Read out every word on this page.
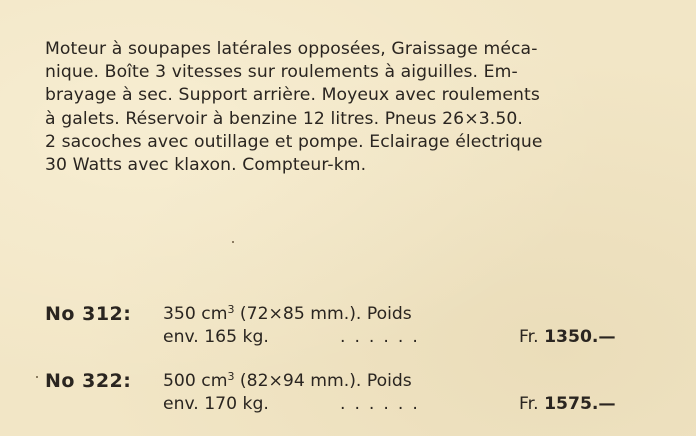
Moteur à soupapes latérales opposées, Graissage méca-
nique. Boîte 3 vitesses sur roulements à aiguilles. Em-
brayage à sec. Support arrière. Moyeux avec roulements
à galets. Réservoir à benzine 12 litres. Pneus 26×3.50.
2 sacoches avec outillage et pompe. Eclairage électrique
30 Watts avec klaxon. Compteur-km.
No 312: 350 $cm^3$ (72×85 mm.). Poids
env. 165 kg.	......	Fr. 1350.—
No 322: 500 $cm^3$ (82×94 mm.). Poids
env. 170 kg.	......	Fr. 1575.—
